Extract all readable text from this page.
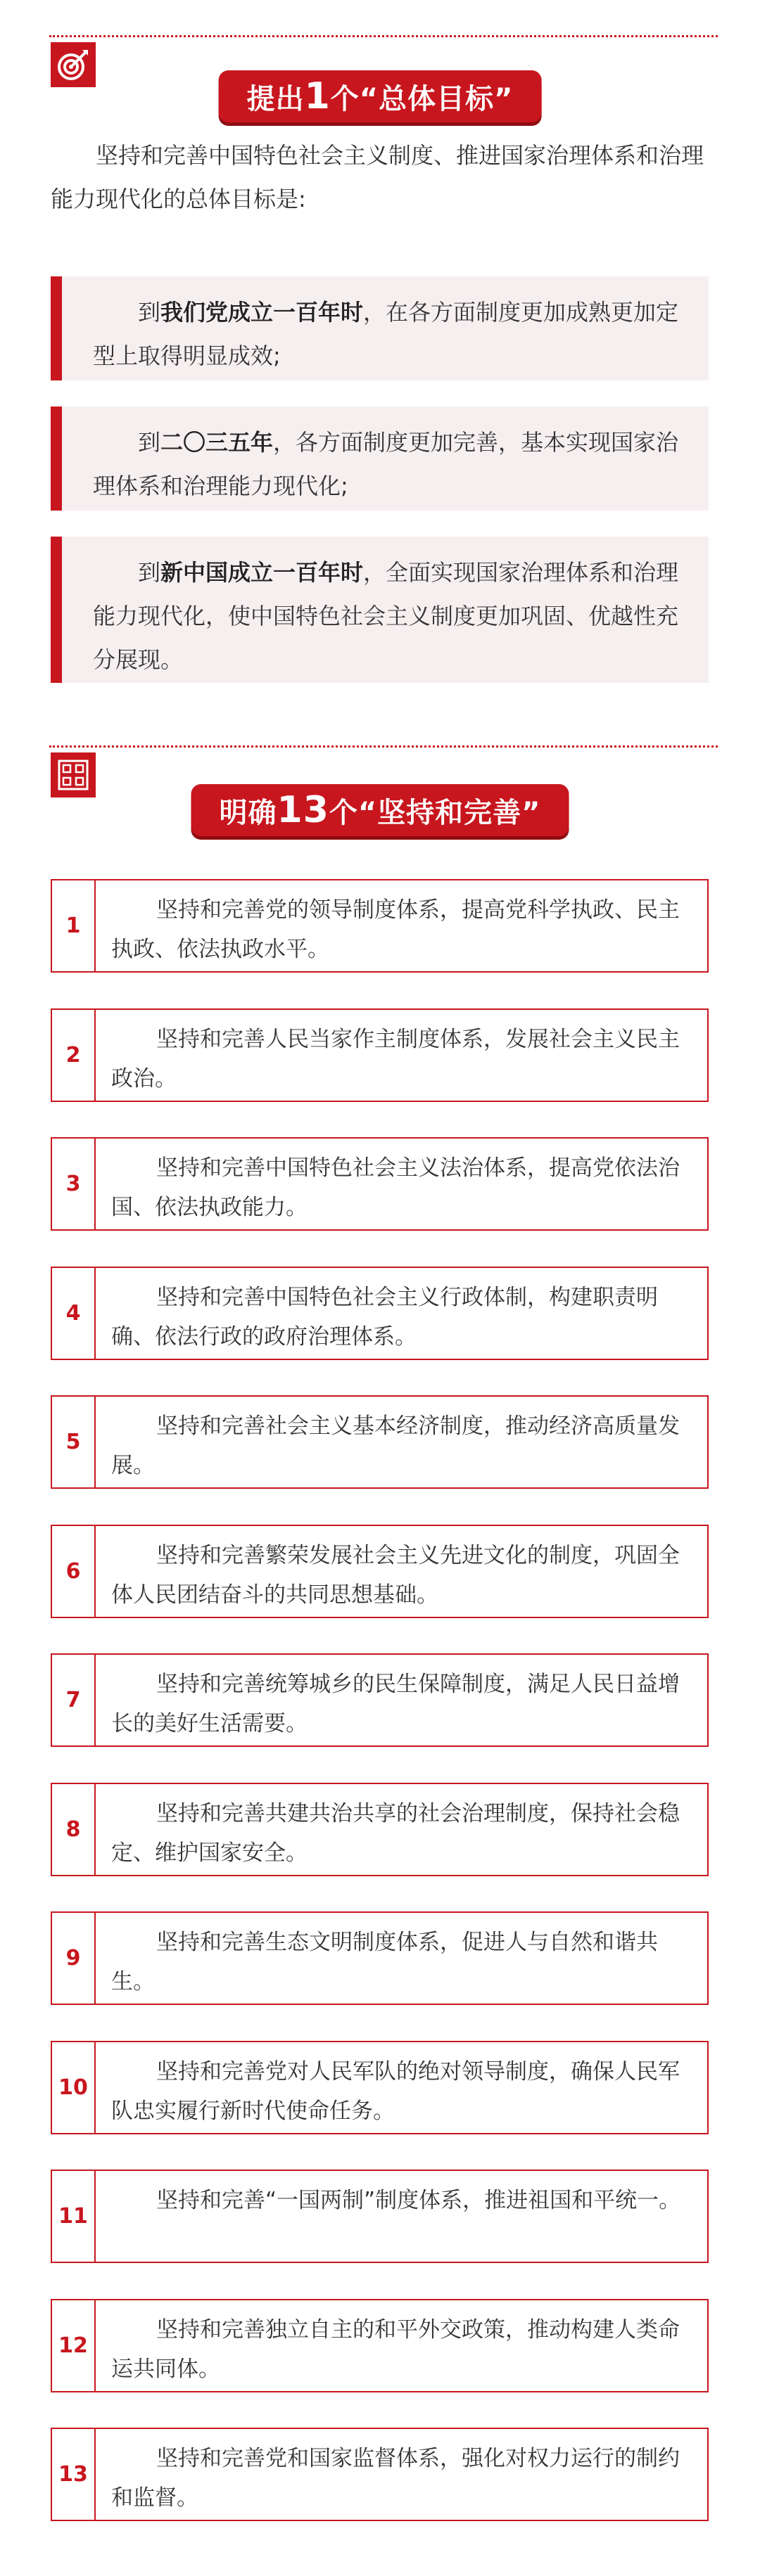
提出1个“总体目标”

坚持和完善中国特色社会主义制度、推进国家治理体系和治理能力现代化的总体目标是:

到我们党成立一百年时，在各方面制度更加成熟更加定型上取得明显成效;
到二〇三五年，各方面制度更加完善，基本实现国家治理体系和治理能力现代化;
到新中国成立一百年时，全面实现国家治理体系和治理能力现代化，使中国特色社会主义制度更加巩固、优越性充分展现。
明确13个“坚持和完善”
1
坚持和完善党的领导制度体系，提高党科学执政、民主执政、依法执政水平。
2
坚持和完善人民当家作主制度体系，发展社会主义民主政治。
3
坚持和完善中国特色社会主义法治体系，提高党依法治国、依法执政能力。
4
坚持和完善中国特色社会主义行政体制，构建职责明确、依法行政的政府治理体系。
5
坚持和完善社会主义基本经济制度，推动经济高质量发展。
6
坚持和完善繁荣发展社会主义先进文化的制度，巩固全体人民团结奋斗的共同思想基础。
7
坚持和完善统筹城乡的民生保障制度，满足人民日益增长的美好生活需要。
8
坚持和完善共建共治共享的社会治理制度，保持社会稳定、维护国家安全。
9
坚持和完善生态文明制度体系，促进人与自然和谐共生。
10
坚持和完善党对人民军队的绝对领导制度，确保人民军队忠实履行新时代使命任务。
11
坚持和完善“一国两制”制度体系，推进祖国和平统一。
12
坚持和完善独立自主的和平外交政策，推动构建人类命运共同体。
13
坚持和完善党和国家监督体系，强化对权力运行的制约和监督。
